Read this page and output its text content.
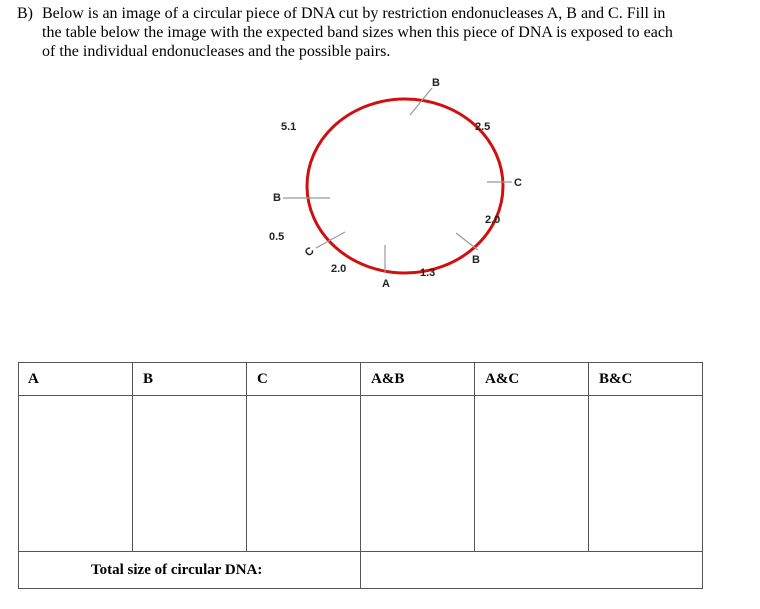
B) Below is an image of a circular piece of DNA cut by restriction endonucleases A, B and C. Fill in
the table below the image with the expected band sizes when this piece of DNA is exposed to each
of the individual endonucleases and the possible pairs.
B
C
B
A
C
B
5.1	2.5
2.0
1.3
2.0
0.5
A	B	C	A&B	A&C	B&C

Total size of circular DNA:					
